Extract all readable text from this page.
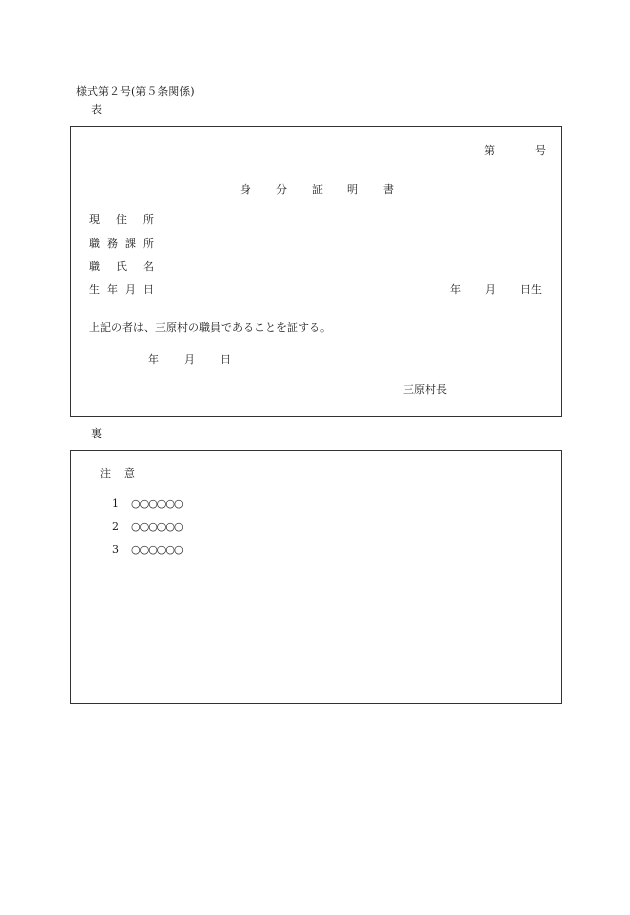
様式第２号(第５条関係)
表
第	号
身 分 証 明 書
現 住 所
職 務 課 所
職 氏 名
生 年 月 日	年 月 日生
上記の者は、三原村の職員であることを証する。
年 月 日
三原村長
裏
注 意
1 ○○○○○○
2 ○○○○○○
3 ○○○○○○
